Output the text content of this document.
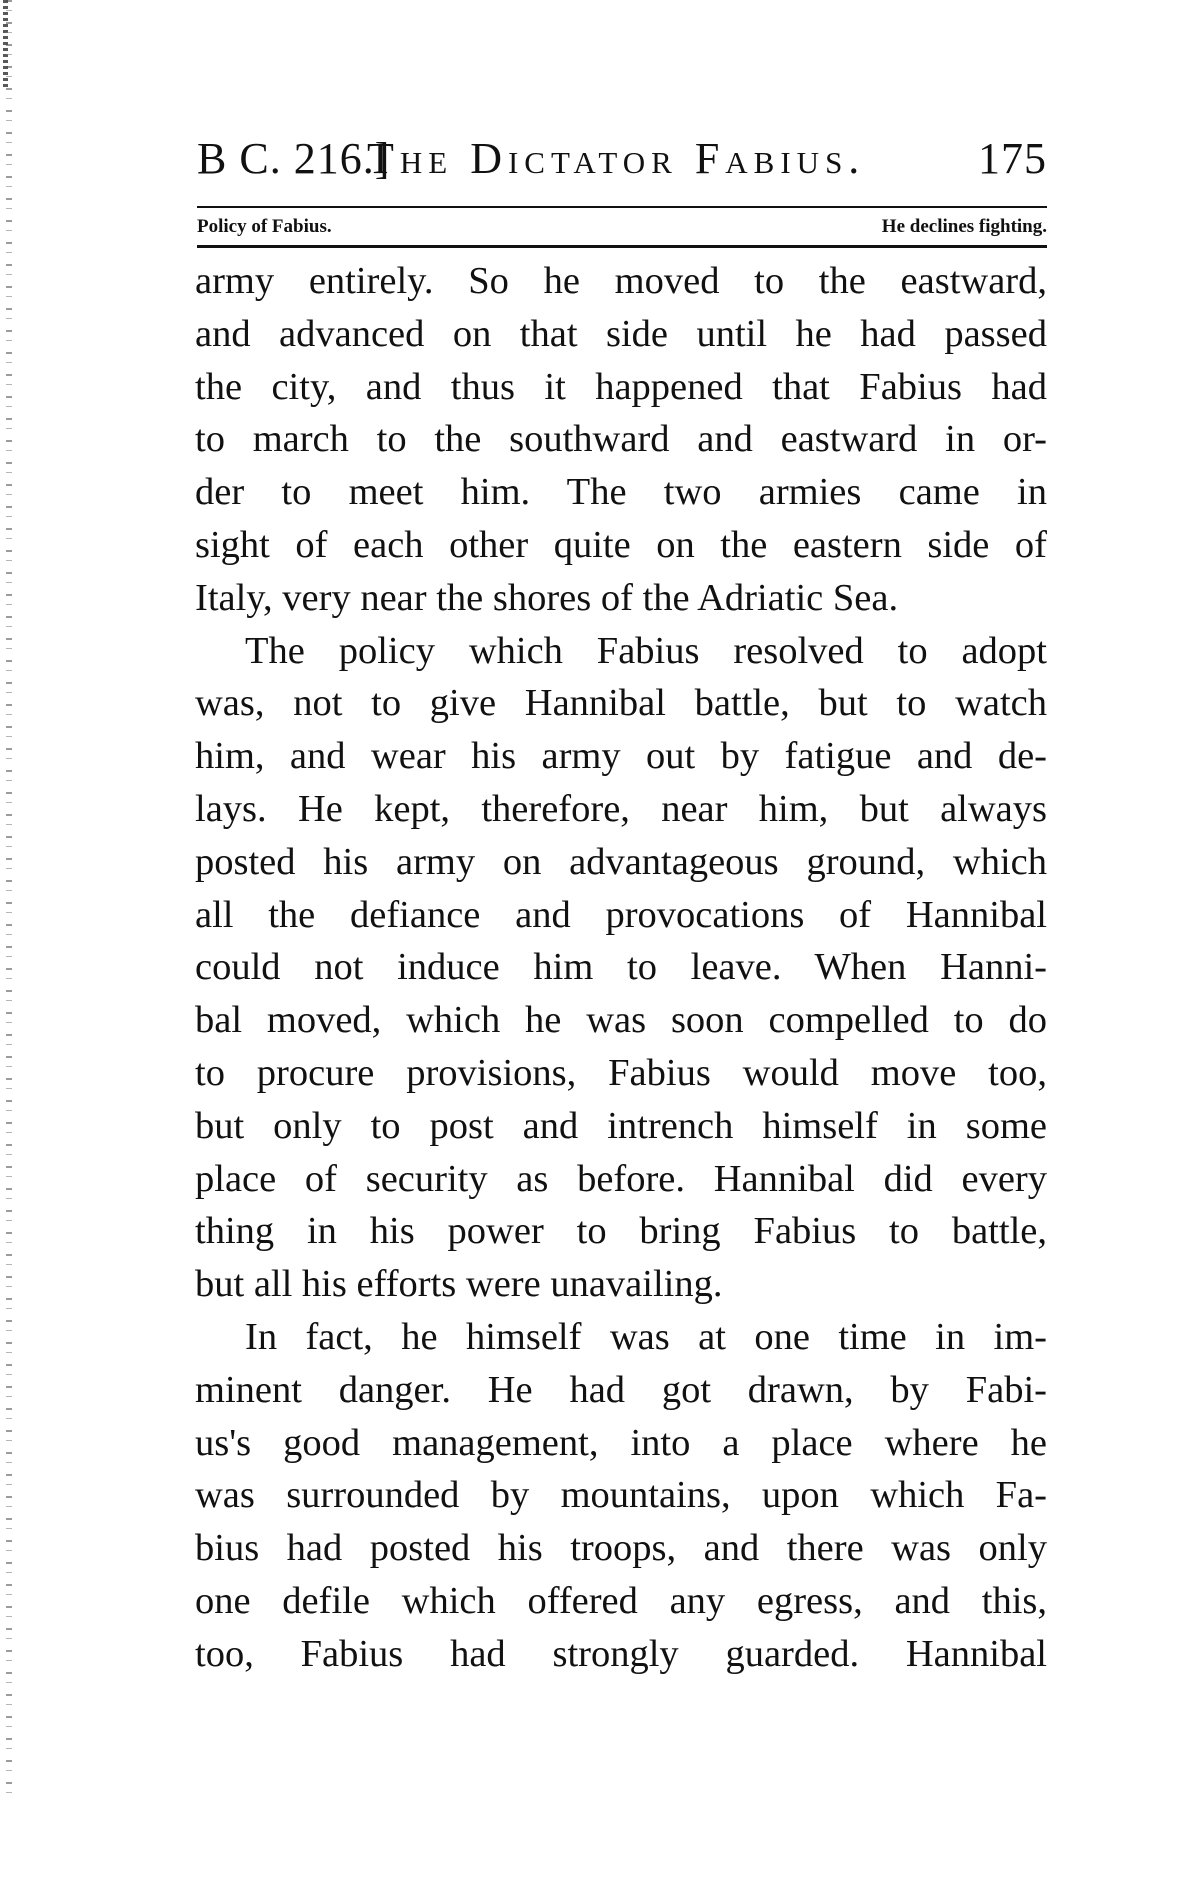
B C. 216.]
The Dictator Fabius.	175
Policy of Fabius.	He declines fighting.
army entirely. So he moved to the eastward,
and advanced on that side until he had passed
the city, and thus it happened that Fabius had
to march to the southward and eastward in or-
der to meet him. The two armies came in
sight of each other quite on the eastern side of
Italy, very near the shores of the Adriatic Sea.
The policy which Fabius resolved to adopt
was, not to give Hannibal battle, but to watch
him, and wear his army out by fatigue and de-
lays. He kept, therefore, near him, but always
posted his army on advantageous ground, which
all the defiance and provocations of Hannibal
could not induce him to leave. When Hanni-
bal moved, which he was soon compelled to do
to procure provisions, Fabius would move too,
but only to post and intrench himself in some
place of security as before. Hannibal did every
thing in his power to bring Fabius to battle,
but all his efforts were unavailing.
In fact, he himself was at one time in im-
minent danger. He had got drawn, by Fabi-
us's good management, into a place where he
was surrounded by mountains, upon which Fa-
bius had posted his troops, and there was only
one defile which offered any egress, and this,
too, Fabius had strongly guarded. Hannibal
